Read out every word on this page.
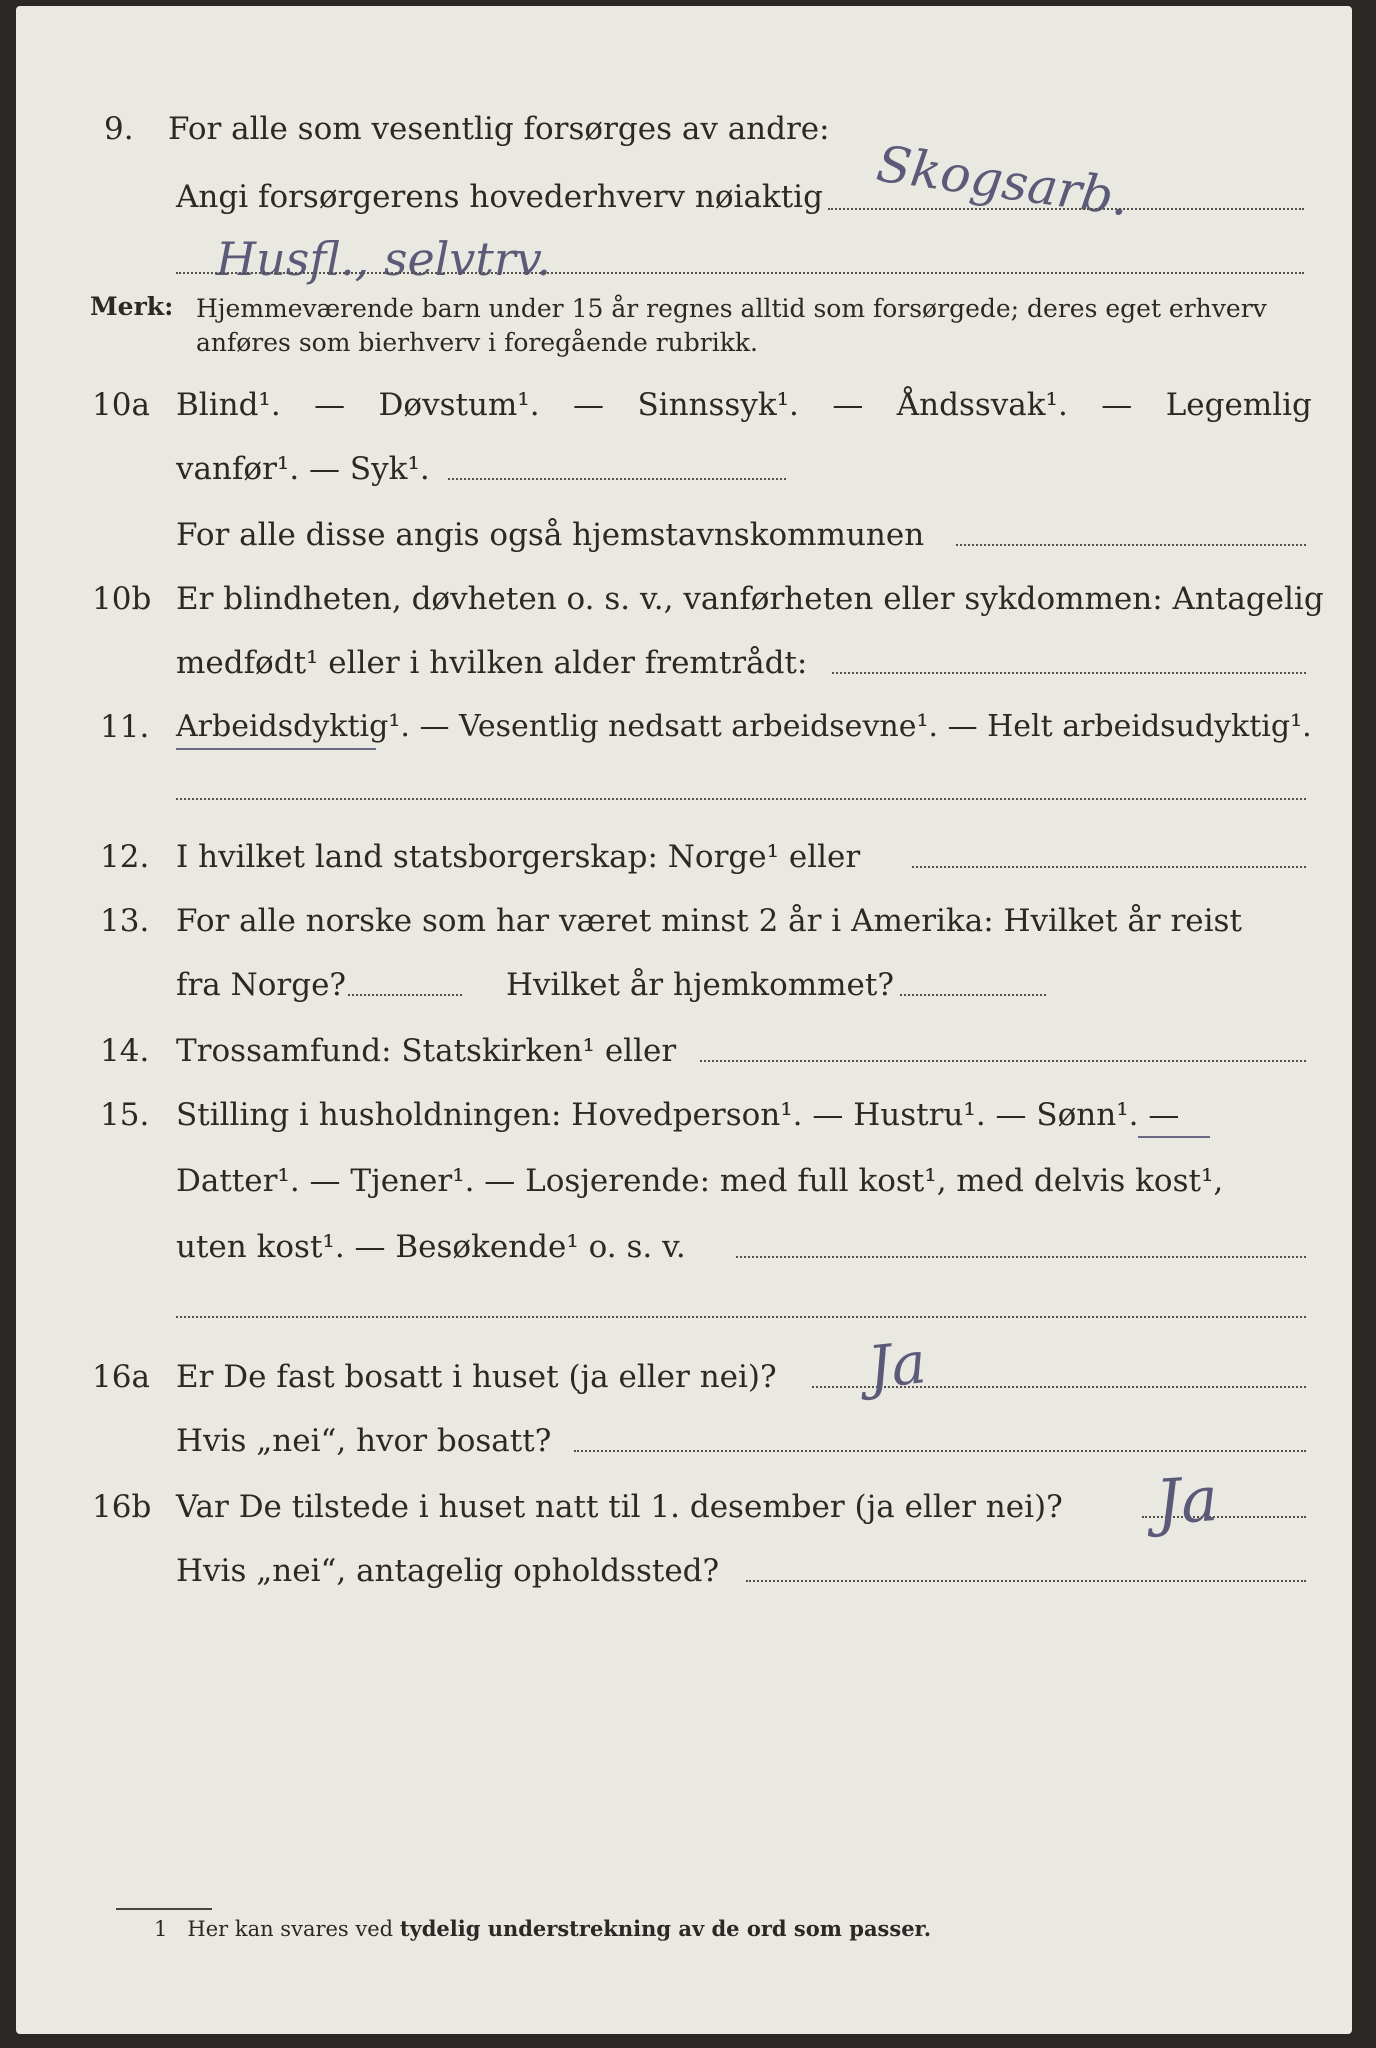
9. For alle som vesentlig forsørges av andre:
Skogsarb.
Angi forsørgerens hovederhverv nøiaktig
Husfl., selvtrv.
Merk: Hjemmeværende barn under 15 år regnes alltid som forsørgede; deres eget erhverv
anføres som bierhverv i foregående rubrikk.
10a Blind¹. — Døvstum¹. — Sinnssyk¹. — Åndssvak¹. — Legemlig
vanfør¹. — Syk¹.
For alle disse angis også hjemstavnskommunen
10b Er blindheten, døvheten o. s. v., vanførheten eller sykdommen: Antagelig
medfødt¹ eller i hvilken alder fremtrådt:
11. Arbeidsdyktig¹. — Vesentlig nedsatt arbeidsevne¹. — Helt arbeidsudyktig¹.
12. I hvilket land statsborgerskap: Norge¹ eller
13. For alle norske som har været minst 2 år i Amerika: Hvilket år reist
fra Norge?	Hvilket år hjemkommet?
14. Trossamfund: Statskirken¹ eller
15. Stilling i husholdningen: Hovedperson¹. — Hustru¹. — Sønn¹. —
Datter¹. — Tjener¹. — Losjerende: med full kost¹, med delvis kost¹,
uten kost¹. — Besøkende¹ o. s. v.
16a Er De fast bosatt i huset (ja eller nei)? Ja
Hvis „nei“, hvor bosatt?
16b Var De tilstede i huset natt til 1. desember (ja eller nei)? Ja
Hvis „nei“, antagelig opholdssted?
1 Her kan svares ved tydelig understrekning av de ord som passer.
